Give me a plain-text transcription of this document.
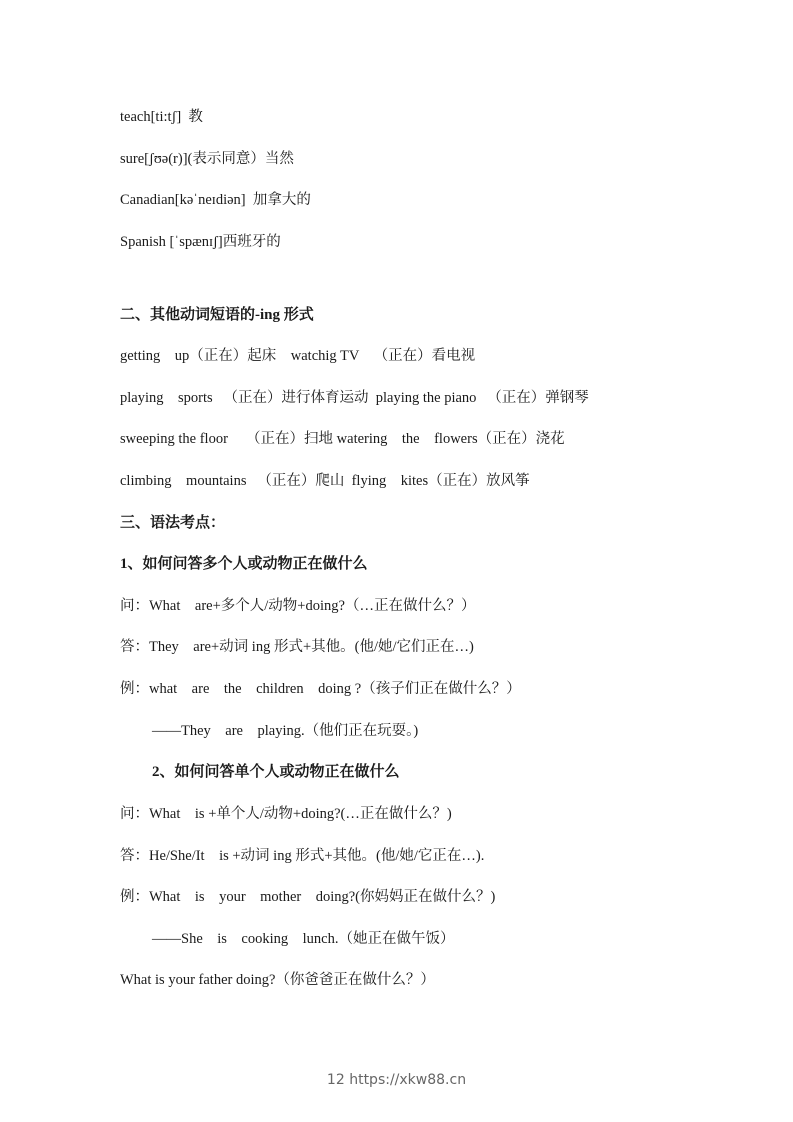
teach[ti:tʃ]  教
sure[ʃʊə(r)](表示同意）当然
Canadian[kəˈneɪdiən]  加拿大的
Spanish [ˈspænɪʃ]西班牙的
二、其他动词短语的-ing 形式
getting    up（正在）起床    watchig TV    （正在）看电视
playing    sports   （正在）进行体育运动  playing the piano   （正在）弹钢琴
sweeping the floor     （正在）扫地 watering    the    flowers（正在）浇花
climbing    mountains   （正在）爬山  flying    kites（正在）放风筝
三、语法考点：
1、如何问答多个人或动物正在做什么
问：What    are+多个人/动物+doing?（…正在做什么？）
答：They    are+动词 ing 形式+其他。(他/她/它们正在…)
例：what    are    the    children    doing ?（孩子们正在做什么？）
——They    are    playing.（他们正在玩耍。)
2、如何问答单个人或动物正在做什么
问：What    is +单个人/动物+doing?(…正在做什么？)
答：He/She/It    is +动词 ing 形式+其他。(他/她/它正在…).
例：What    is    your    mother    doing?(你妈妈正在做什么？)
——She    is    cooking    lunch.（她正在做午饭）
What is your father doing?（你爸爸正在做什么？）
12 https://xkw88.cn
